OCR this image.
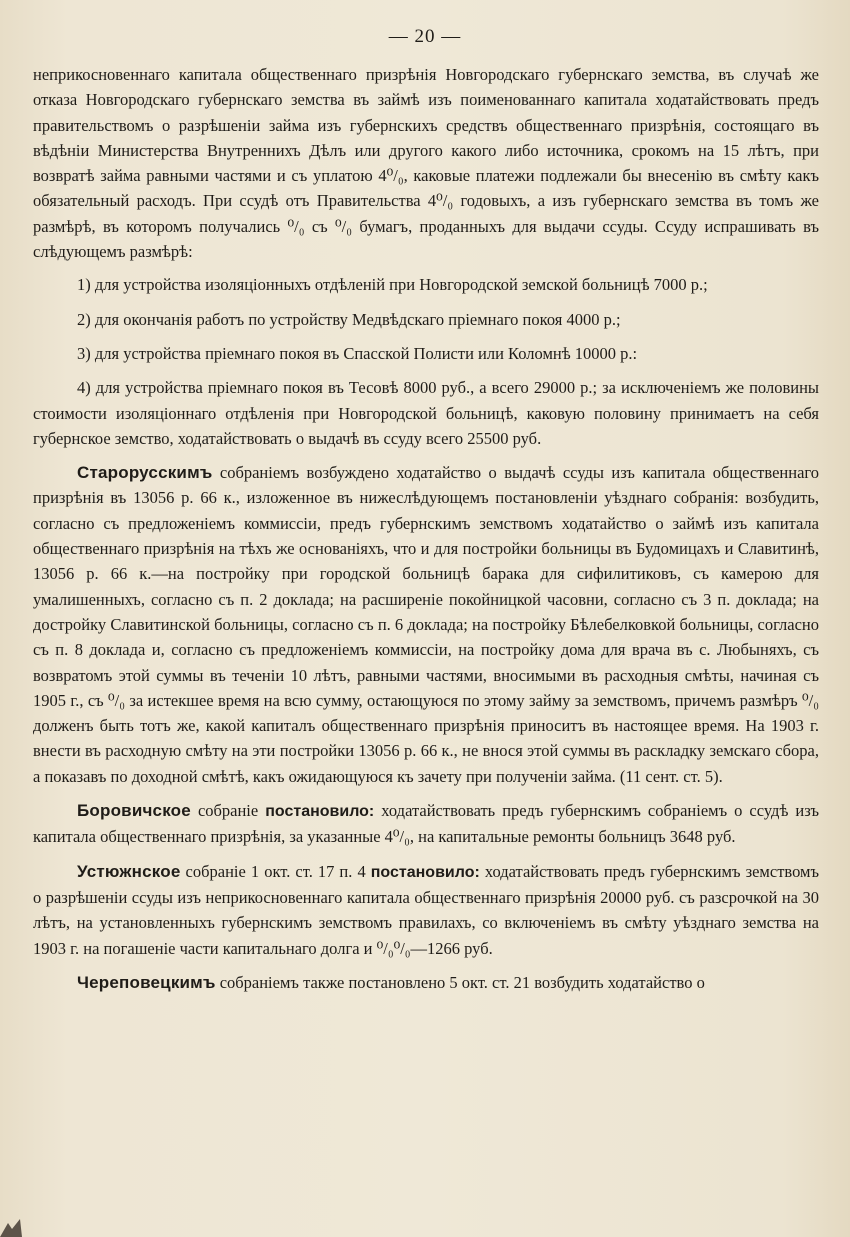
— 20 —

неприкосновеннаго капитала общественнаго призрѣнія Новгородскаго губернскаго земства, въ случаѣ же отказа Новгородскаго губернскаго земства въ займѣ изъ поименованнаго капитала ходатайствовать предъ правительствомъ о разрѣшеніи займа изъ губернскихъ средствъ общественнаго призрѣнія, состоящаго въ вѣдѣніи Министерства Внутреннихъ Дѣлъ или другого какого либо источника, срокомъ на 15 лѣтъ, при возвратѣ займа равными частями и съ уплатою 4⁰/₀, каковые платежи подлежали бы внесенію въ смѣту какъ обязательный расходъ. При ссудѣ отъ Правительства 4⁰/₀ годовыхъ, а изъ губернскаго земства въ томъ же размѣрѣ, въ которомъ получались ⁰/₀ съ ⁰/₀ бумагъ, проданныхъ для выдачи ссуды. Ссуду испрашивать въ слѣдующемъ размѣрѣ:

1) для устройства изоляціонныхъ отдѣленій при Новгородской земской больницѣ 7000 р.;

2) для окончанія работъ по устройству Медвѣдскаго пріемнаго покоя 4000 р.;

3) для устройства пріемнаго покоя въ Спасской Полисти или Коломнѣ 10000 р.:

4) для устройства пріемнаго покоя въ Тесовѣ 8000 руб., а всего 29000 р.; за исключеніемъ же половины стоимости изоляціоннаго отдѣленія при Новгородской больницѣ, каковую половину принимаетъ на себя губернское земство, ходатайствовать о выдачѣ въ ссуду всего 25500 руб.

Старорусскимъ собраніемъ возбуждено ходатайство о выдачѣ ссуды изъ капитала общественнаго призрѣнія въ 13056 р. 66 к., изложенное въ нижеслѣдующемъ постановленіи уѣзднаго собранія: возбудить, согласно съ предложеніемъ коммиссіи, предъ губернскимъ земствомъ ходатайство о займѣ изъ капитала общественнаго призрѣнія на тѣхъ же основаніяхъ, что и для постройки больницы въ Будомицахъ и Славитинѣ, 13056 р. 66 к.—на постройку при городской больницѣ барака для сифилитиковъ, съ камерою для умалишенныхъ, согласно съ п. 2 доклада; на расширеніе покойницкой часовни, согласно съ 3 п. доклада; на достройку Славитинской больницы, согласно съ п. 6 доклада; на постройку Бѣлебелковкой больницы, согласно съ п. 8 доклада и, согласно съ предложеніемъ коммиссіи, на постройку дома для врача въ с. Любыняхъ, съ возвратомъ этой суммы въ теченіи 10 лѣтъ, равными частями, вносимыми въ расходныя смѣты, начиная съ 1905 г., съ ⁰/₀ за истекшее время на всю сумму, остающуюся по этому займу за земствомъ, причемъ размѣръ ⁰/₀ долженъ быть тотъ же, какой капиталъ общественнаго призрѣнія приноситъ въ настоящее время. На 1903 г. внести въ расходную смѣту на эти постройки 13056 р. 66 к., не внося этой суммы въ раскладку земскаго сбора, а показавъ по доходной смѣтѣ, какъ ожидающуюся къ зачету при полученіи займа. (11 сент. ст. 5).

Боровичское собраніе постановило: ходатайствовать предъ губернскимъ собраніемъ о ссудѣ изъ капитала общественнаго призрѣнія, за указанные 4⁰/₀, на капитальные ремонты больницъ 3648 руб.

Устюжнское собраніе 1 окт. ст. 17 п. 4 постановило: ходатайствовать предъ губернскимъ земствомъ о разрѣшеніи ссуды изъ неприкосновеннаго капитала общественнаго призрѣнія 20000 руб. съ разсрочкой на 30 лѣтъ, на установленныхъ губернскимъ земствомъ правилахъ, со включеніемъ въ смѣту уѣзднаго земства на 1903 г. на погашеніе части капитальнаго долга и ⁰/₀⁰/₀—1266 руб.

Череповецкимъ собраніемъ также постановлено 5 окт. ст. 21 возбудить ходатайство о
